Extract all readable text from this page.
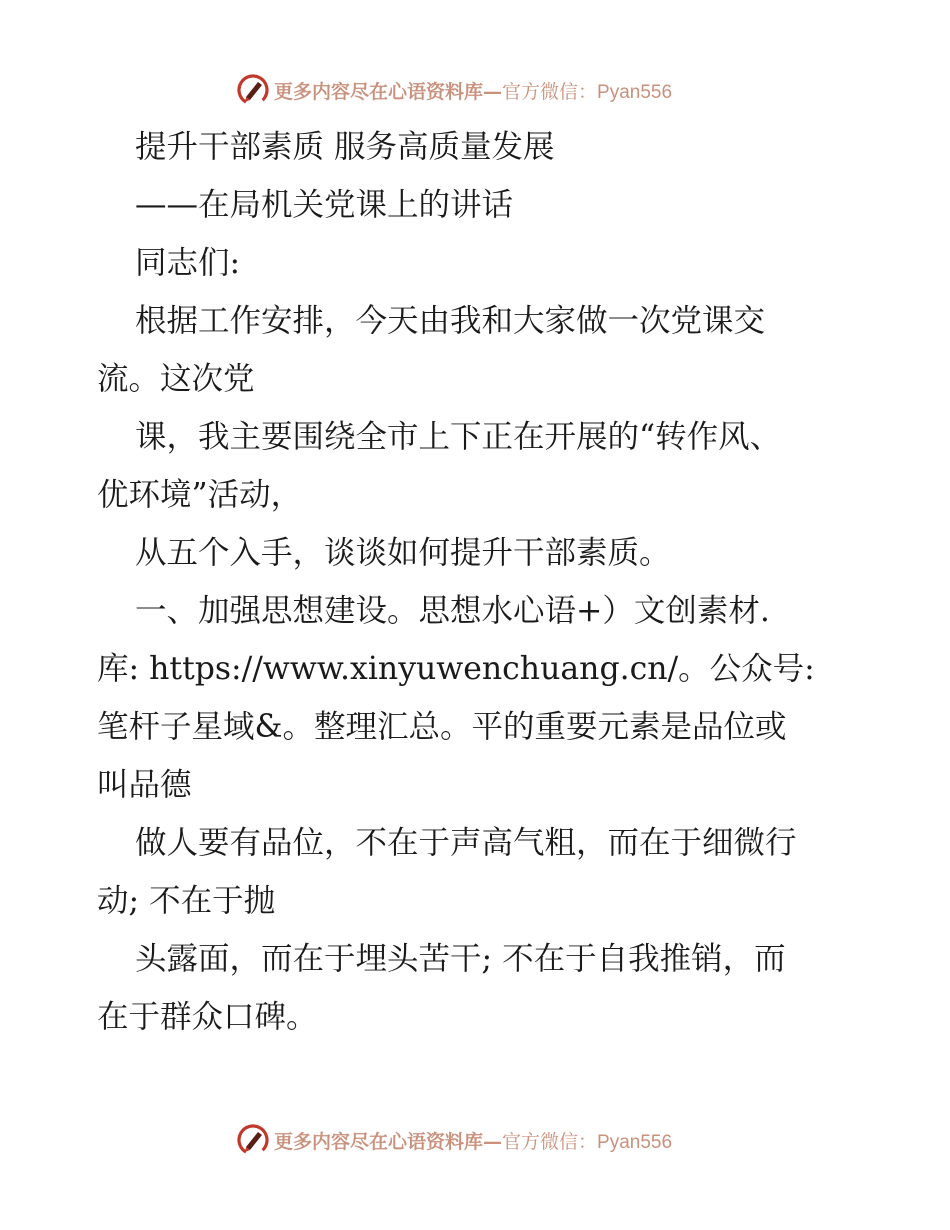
更多内容尽在心语资料库— 官方微信：Pyan556
提升干部素质 服务高质量发展
——在局机关党课上的讲话
同志们:
根据工作安排，今天由我和大家做一次党课交
流。这次党
课，我主要围绕全市上下正在开展的“转作风、
优环境”活动，
从五个入手，谈谈如何提升干部素质。
一、加强思想建设。思想水心语+）文创素材.
库: https://www.xinyuwenchuang.cn/。公众号:
笔杆子星域&。整理汇总。平的重要元素是品位或
叫品德
做人要有品位，不在于声高气粗，而在于细微行
动; 不在于抛
头露面，而在于埋头苦干; 不在于自我推销，而
在于群众口碑。
更多内容尽在心语资料库— 官方微信：Pyan556
